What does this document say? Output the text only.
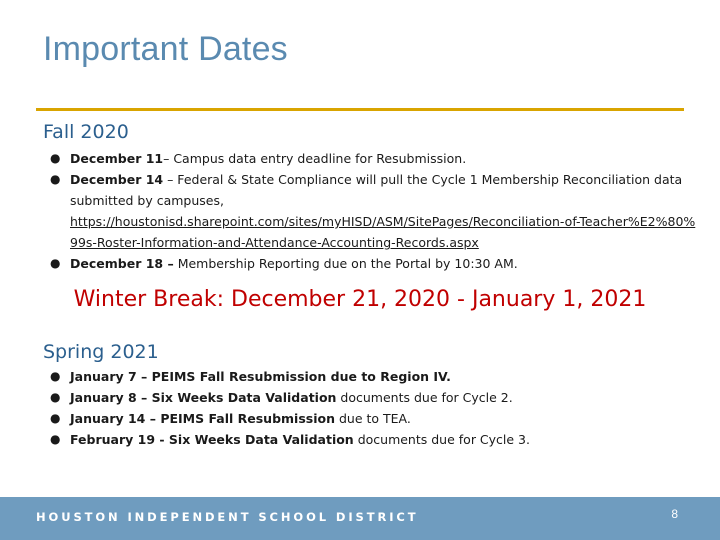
Important Dates
Fall 2020
● December 11– Campus data entry deadline for Resubmission.
● December 14 – Federal & State Compliance will pull the Cycle 1 Membership Reconciliation data submitted by campuses,
https://houstonisd.sharepoint.com/sites/myHISD/ASM/SitePages/Reconciliation-of-Teacher%E2%80%99s-Roster-Information-and-Attendance-Accounting-Records.aspx
● December 18 – Membership Reporting due on the Portal by 10:30 AM.
Winter Break: December 21, 2020 - January 1, 2021
Spring 2021
● January 7 – PEIMS Fall Resubmission due to Region IV.
● January 8 – Six Weeks Data Validation documents due for Cycle 2.
● January 14 – PEIMS Fall Resubmission due to TEA.
● February 19 - Six Weeks Data Validation documents due for Cycle 3.
HOUSTON INDEPENDENT SCHOOL DISTRICT	8
